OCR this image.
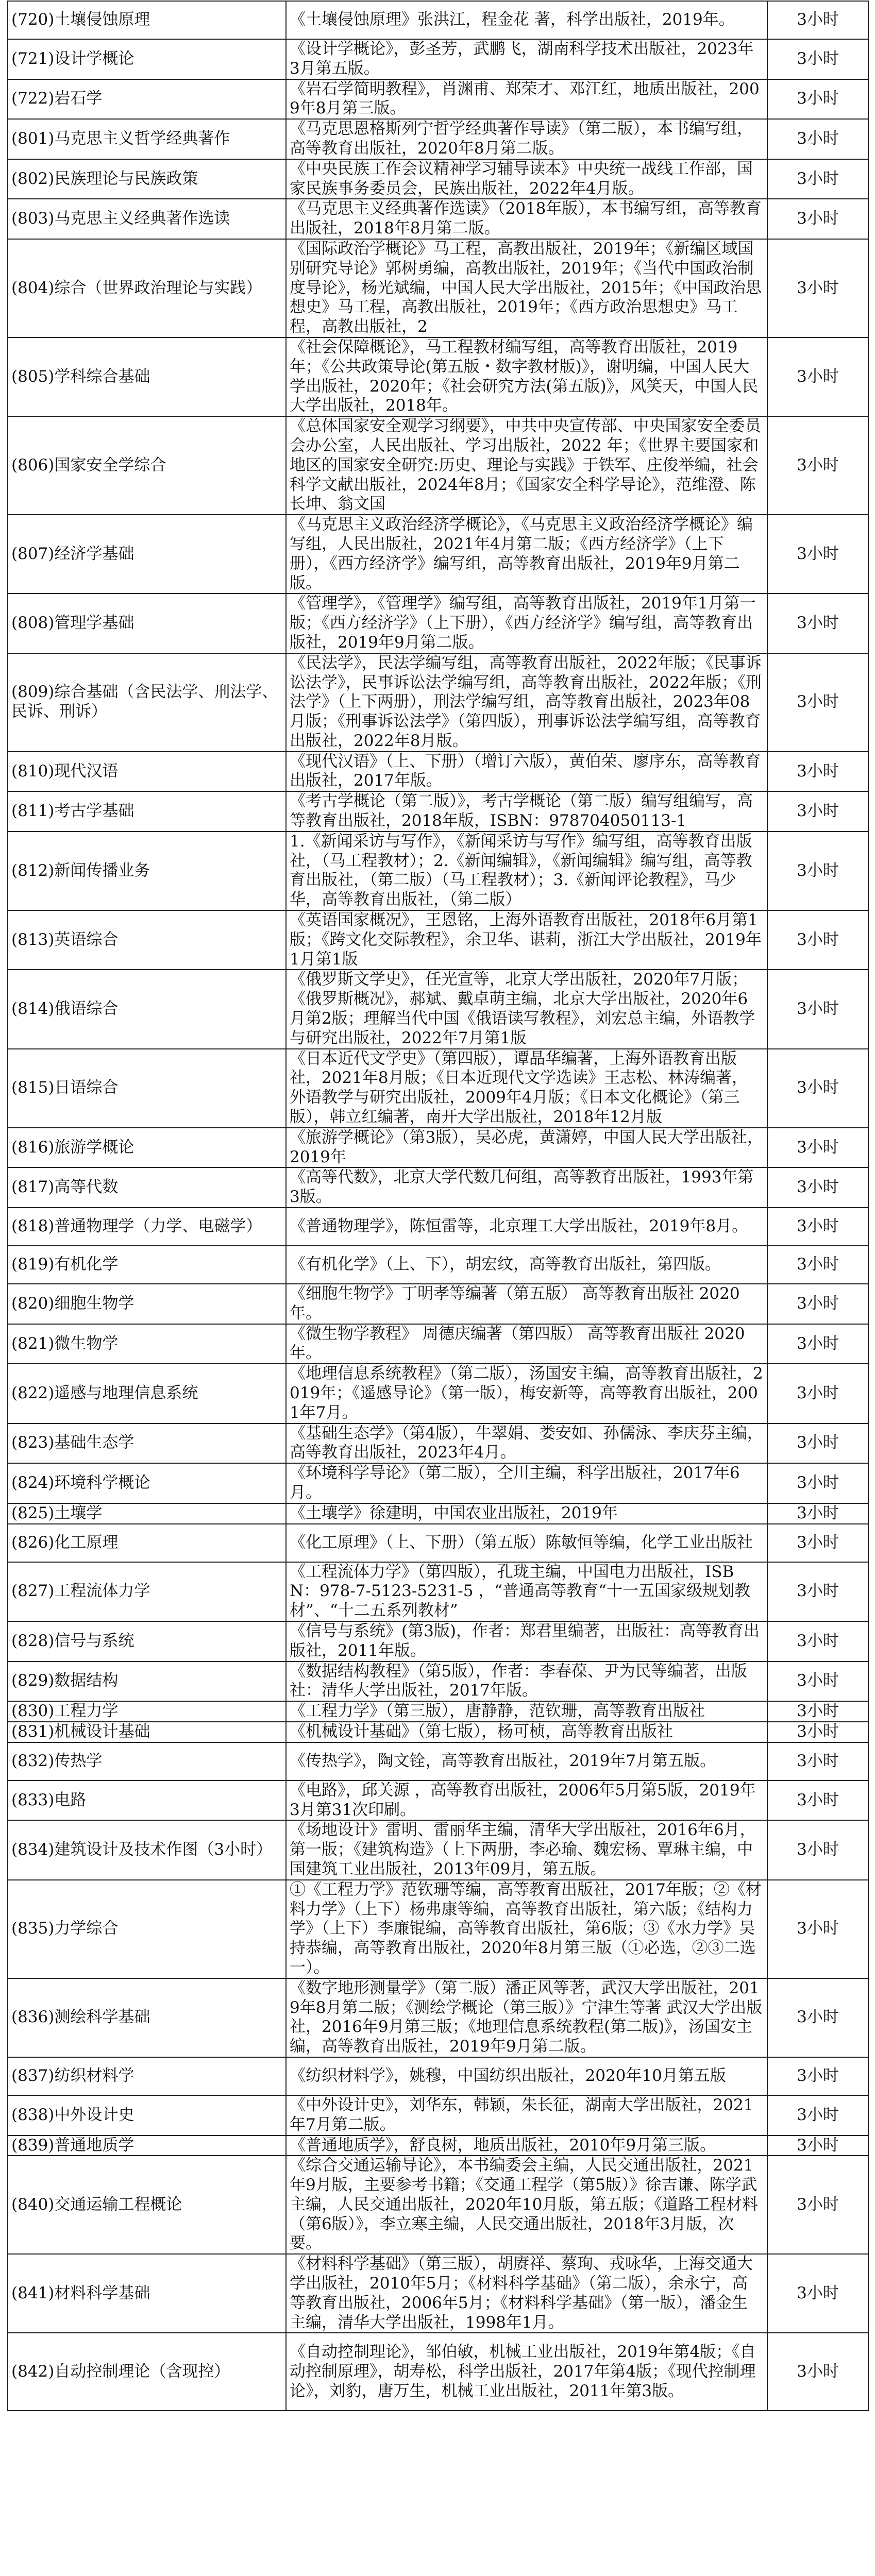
(720)土壤侵蚀原理	《土壤侵蚀原理》张洪江，程金花 著，科学出版社，2019年。	3小时
(721)设计学概论	《设计学概论》，彭圣芳，武鹏飞，湖南科学技术出版社，2023年3月第五版。	3小时
(722)岩石学	《岩石学简明教程》，肖渊甫、郑荣才、邓江红，地质出版社，2009年8月第三版。	3小时
(801)马克思主义哲学经典著作	《马克思恩格斯列宁哲学经典著作导读》（第二版），本书编写组，高等教育出版社，2020年8月第二版。	3小时
(802)民族理论与民族政策	《中央民族工作会议精神学习辅导读本》中央统一战线工作部，国家民族事务委员会，民族出版社，2022年4月版。	3小时
(803)马克思主义经典著作选读	《马克思主义经典著作选读》（2018年版），本书编写组，高等教育出版社，2018年8月第二版。	3小时
(804)综合（世界政治理论与实践）	《国际政治学概论》马工程，高教出版社，2019年；《新编区域国别研究导论》郭树勇编，高教出版社，2019年；《当代中国政治制度导论》，杨光斌编，中国人民大学出版社，2015年；《中国政治思想史》马工程，高教出版社，2019年；《西方政治思想史》马工程，高教出版社，2	3小时
(805)学科综合基础	《社会保障概论》，马工程教材编写组，高等教育出版社，2019年；《公共政策导论(第五版・数字教材版)》，谢明编，中国人民大学出版社，2020年；《社会研究方法(第五版)》，风笑天，中国人民大学出版社，2018年。	3小时
(806)国家安全学综合	《总体国家安全观学习纲要》，中共中央宣传部、中央国家安全委员会办公室，人民出版社、学习出版社，2022 年；《世界主要国家和地区的国家安全研究:历史、理论与实践》于铁军、庄俊举编，社会科学文献出版社，2024年8月；《国家安全科学导论》，范维澄、陈长坤、翁文国	3小时
(807)经济学基础	《马克思主义政治经济学概论》，《马克思主义政治经济学概论》编写组，人民出版社，2021年4月第二版；《西方经济学》（上下册），《西方经济学》编写组，高等教育出版社，2019年9月第二版。	3小时
(808)管理学基础	《管理学》，《管理学》编写组，高等教育出版社，2019年1月第一版；《西方经济学》（上下册），《西方经济学》编写组，高等教育出版社，2019年9月第二版。	3小时
(809)综合基础（含民法学、刑法学、民诉、刑诉）	《民法学》，民法学编写组，高等教育出版社，2022年版；《民事诉讼法学》，民事诉讼法学编写组，高等教育出版社，2022年版；《刑法学》（上下两册），刑法学编写组，高等教育出版社，2023年08月版；《刑事诉讼法学》（第四版），刑事诉讼法学编写组，高等教育出版社，2022年8月版。	3小时
(810)现代汉语	《现代汉语》（上、下册）（增订六版），黄伯荣、廖序东，高等教育出版社，2017年版。	3小时
(811)考古学基础	《考古学概论（第二版）》，考古学概论（第二版）编写组编写，高等教育出版社，2018年版，ISBN：978704050113-1	3小时
(812)新闻传播业务	1.《新闻采访与写作》，《新闻采访与写作》编写组，高等教育出版社，（马工程教材）；2.《新闻编辑》，《新闻编辑》编写组，高等教育出版社，（第二版）（马工程教材）；3.《新闻评论教程》，马少华，高等教育出版社，（第二版）	3小时
(813)英语综合	《英语国家概况》，王恩铭，上海外语教育出版社，2018年6月第1版；《跨文化交际教程》，余卫华、谌莉，浙江大学出版社，2019年1月第1版	3小时
(814)俄语综合	《俄罗斯文学史》，任光宣等，北京大学出版社，2020年7月版；《俄罗斯概况》，郝斌、戴卓萌主编，北京大学出版社，2020年6月第2版；理解当代中国《俄语读写教程》，刘宏总主编，外语教学与研究出版社，2022年7月第1版	3小时
(815)日语综合	《日本近代文学史》（第四版），谭晶华编著，上海外语教育出版社，2021年8月版；《日本近现代文学选读》王志松、林涛编著，外语教学与研究出版社，2009年4月版；《日本文化概论》（第三版），韩立红编著，南开大学出版社，2018年12月版	3小时
(816)旅游学概论	《旅游学概论》（第3版），吴必虎，黄潇婷，中国人民大学出版社，2019年	3小时
(817)高等代数	《高等代数》，北京大学代数几何组，高等教育出版社，1993年第3版。	3小时
(818)普通物理学（力学、电磁学）	《普通物理学》，陈恒雷等，北京理工大学出版社，2019年8月。	3小时
(819)有机化学	《有机化学》（上、下），胡宏纹，高等教育出版社，第四版。	3小时
(820)细胞生物学	《细胞生物学》丁明孝等编著（第五版） 高等教育出版社 2020年。	3小时
(821)微生物学	《微生物学教程》 周德庆编著（第四版） 高等教育出版社 2020年。	3小时
(822)遥感与地理信息系统	《地理信息系统教程》（第二版），汤国安主编，高等教育出版社，2019年；《遥感导论》（第一版），梅安新等，高等教育出版社，2001年7月。	3小时
(823)基础生态学	《基础生态学》（第4版），牛翠娟、娄安如、孙儒泳、李庆芬主编，高等教育出版社，2023年4月。	3小时
(824)环境科学概论	《环境科学导论》（第二版），仝川主编，科学出版社，2017年6月。	3小时
(825)土壤学	《土壤学》徐建明，中国农业出版社，2019年	3小时
(826)化工原理	《化工原理》（上、下册）（第五版）陈敏恒等编，化学工业出版社	3小时
(827)工程流体力学	《工程流体力学》（第四版），孔珑主编，中国电力出版社，ISBN：978-7-5123-5231-5 ，“普通高等教育“十一五国家级规划教材”、“十二五系列教材”	3小时
(828)信号与系统	《信号与系统》(第3版)，作者：郑君里编著，出版社：高等教育出版社，2011年版。	3小时
(829)数据结构	《数据结构教程》（第5版），作者：李春葆、尹为民等编著，出版社：清华大学出版社，2017年版。	3小时
(830)工程力学	《工程力学》（第三版），唐静静，范钦珊，高等教育出版社	3小时
(831)机械设计基础	《机械设计基础》（第七版），杨可桢，高等教育出版社	3小时
(832)传热学	《传热学》，陶文铨，高等教育出版社，2019年7月第五版。	3小时
(833)电路	《电路》，邱关源 ，高等教育出版社，2006年5月第5版，2019年3月第31次印刷。	3小时
(834)建筑设计及技术作图（3小时）	《场地设计》雷明、雷丽华主编，清华大学出版社，2016年6月，第一版；《建筑构造》（上下两册，李必瑜、魏宏杨、覃琳主编，中国建筑工业出版社，2013年09月，第五版。	3小时
(835)力学综合	①《工程力学》范钦珊等编，高等教育出版社，2017年版；②《材料力学》（上下）杨弗康等编，高等教育出版社，第六版；《结构力学》（上下）李廉锟编，高等教育出版社，第6版；③《水力学》吴持恭编，高等教育出版社，2020年8月第三版（①必选，②③二选一）。	3小时
(836)测绘科学基础	《数字地形测量学》（第二版）潘正风等著，武汉大学出版社，2019年8月第二版；《测绘学概论（第三版）》宁津生等著 武汉大学出版社，2016年9月第三版；《地理信息系统教程(第二版)》，汤国安主编，高等教育出版社，2019年9月第二版。	3小时
(837)纺织材料学	《纺织材料学》，姚穆，中国纺织出版社，2020年10月第五版	3小时
(838)中外设计史	《中外设计史》，刘华东，韩颖，朱长征，湖南大学出版社，2021年7月第二版。	3小时
(839)普通地质学	《普通地质学》，舒良树，地质出版社，2010年9月第三版。	3小时
(840)交通运输工程概论	《综合交通运输导论》，本书编委会主编，人民交通出版社，2021年9月版，主要参考书籍；《交通工程学（第5版）》徐吉谦、陈学武主编，人民交通出版社，2020年10月版，第五版；《道路工程材料（第6版）》，李立寒主编，人民交通出版社，2018年3月版，次要。	3小时
(841)材料科学基础	《材料科学基础》（第三版），胡赓祥、蔡珣、戎咏华，上海交通大学出版社，2010年5月；《材料科学基础》（第二版），余永宁，高等教育出版社，2006年5月；《材料科学基础》（第一版），潘金生主编，清华大学出版社，1998年1月。	3小时
(842)自动控制理论（含现控）	《自动控制理论》，邹伯敏，机械工业出版社，2019年第4版；《自动控制原理》，胡寿松，科学出版社，2017年第4版；《现代控制理论》，刘豹，唐万生，机械工业出版社，2011年第3版。	3小时
